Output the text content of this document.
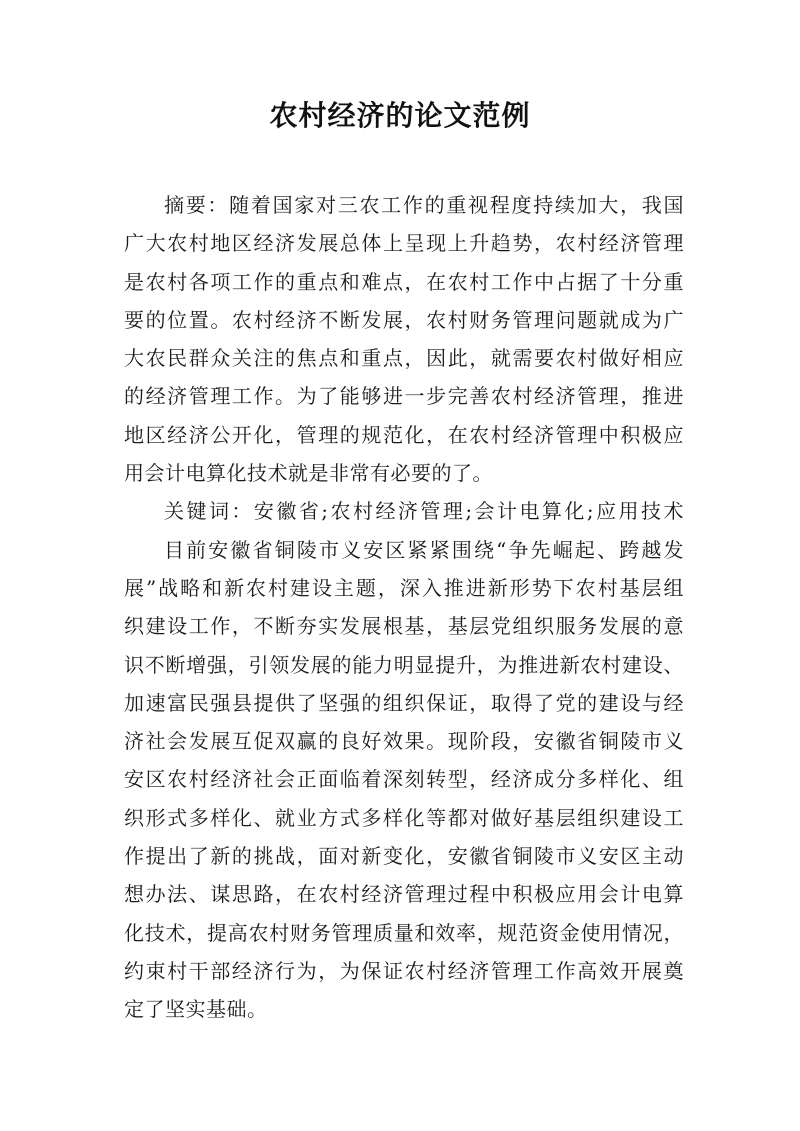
农村经济的论文范例
摘要：随着国家对三农工作的重视程度持续加大，我国
广大农村地区经济发展总体上呈现上升趋势，农村经济管理
是农村各项工作的重点和难点，在农村工作中占据了十分重
要的位置。农村经济不断发展，农村财务管理问题就成为广
大农民群众关注的焦点和重点，因此，就需要农村做好相应
的经济管理工作。为了能够进一步完善农村经济管理，推进
地区经济公开化，管理的规范化，在农村经济管理中积极应
用会计电算化技术就是非常有必要的了。
关键词：安徽省;农村经济管理;会计电算化;应用技术
目前安徽省铜陵市义安区紧紧围绕“争先崛起、跨越发
展”战略和新农村建设主题，深入推进新形势下农村基层组
织建设工作，不断夯实发展根基，基层党组织服务发展的意
识不断增强，引领发展的能力明显提升，为推进新农村建设、
加速富民强县提供了坚强的组织保证，取得了党的建设与经
济社会发展互促双赢的良好效果。现阶段，安徽省铜陵市义
安区农村经济社会正面临着深刻转型，经济成分多样化、组
织形式多样化、就业方式多样化等都对做好基层组织建设工
作提出了新的挑战，面对新变化，安徽省铜陵市义安区主动
想办法、谋思路，在农村经济管理过程中积极应用会计电算
化技术，提高农村财务管理质量和效率，规范资金使用情况，
约束村干部经济行为，为保证农村经济管理工作高效开展奠
定了坚实基础。
